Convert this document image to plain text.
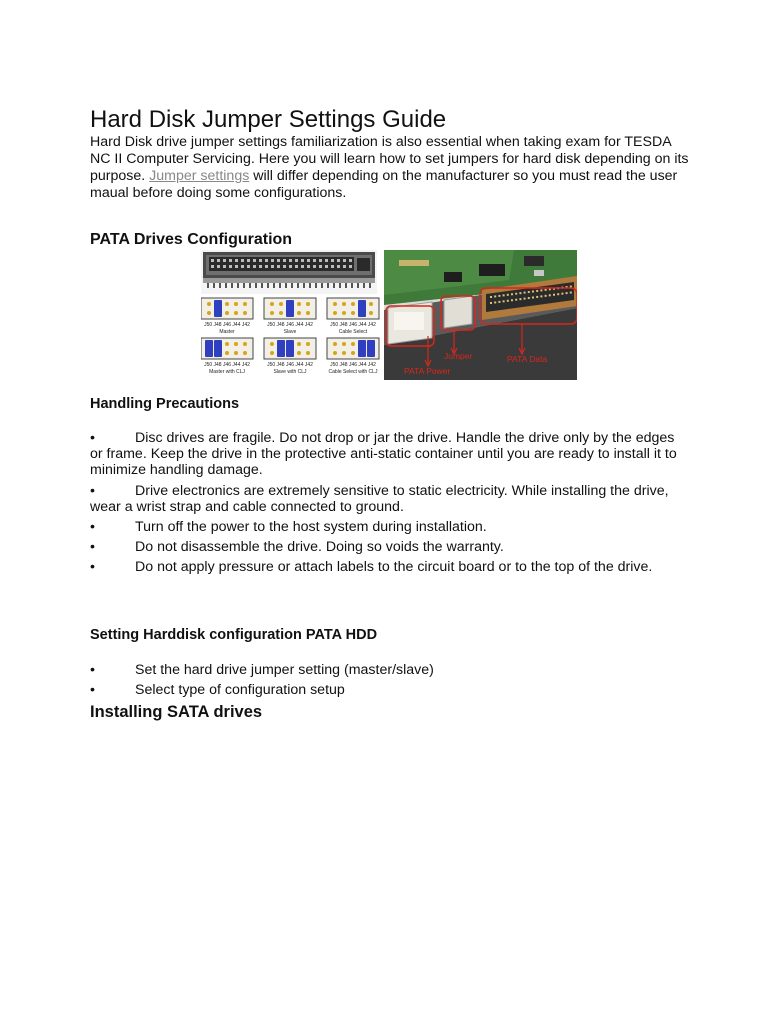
Hard Disk Jumper Settings Guide

Hard Disk drive jumper settings familiarization is also essential when taking exam for TESDA NC II Computer Servicing. Here you will learn how to set jumpers for hard disk depending on its purpose. Jumper settings will differ depending on the manufacturer so you must read the user maual before doing some configurations.

PATA Drives Configuration
J50 J48 J46 J44 J42
Master
J50 J48 J46 J44 J42
Slave
J50 J48 J46 J44 J42
Cable Select
J50 J48 J46 J44 J42
Master with CLJ
J50 J48 J46 J44 J42
Slave with CLJ
J50 J48 J46 J44 J42
Cable Select with CLJ
Jumper	PATA Data
PATA Power
Handling Precautions
•	Disc drives are fragile. Do not drop or jar the drive. Handle the drive only by the edges or frame. Keep the drive in the protective anti-static container until you are ready to install it to minimize handling damage.
•	Drive electronics are extremely sensitive to static electricity. While installing the drive, wear a wrist strap and cable connected to ground.
•	Turn off the power to the host system during installation.
•	Do not disassemble the drive. Doing so voids the warranty.
•	Do not apply pressure or attach labels to the circuit board or to the top of the drive.
Setting Harddisk configuration PATA HDD
•	Set the hard drive jumper setting (master/slave)
•	Select type of configuration setup
Installing SATA drives
